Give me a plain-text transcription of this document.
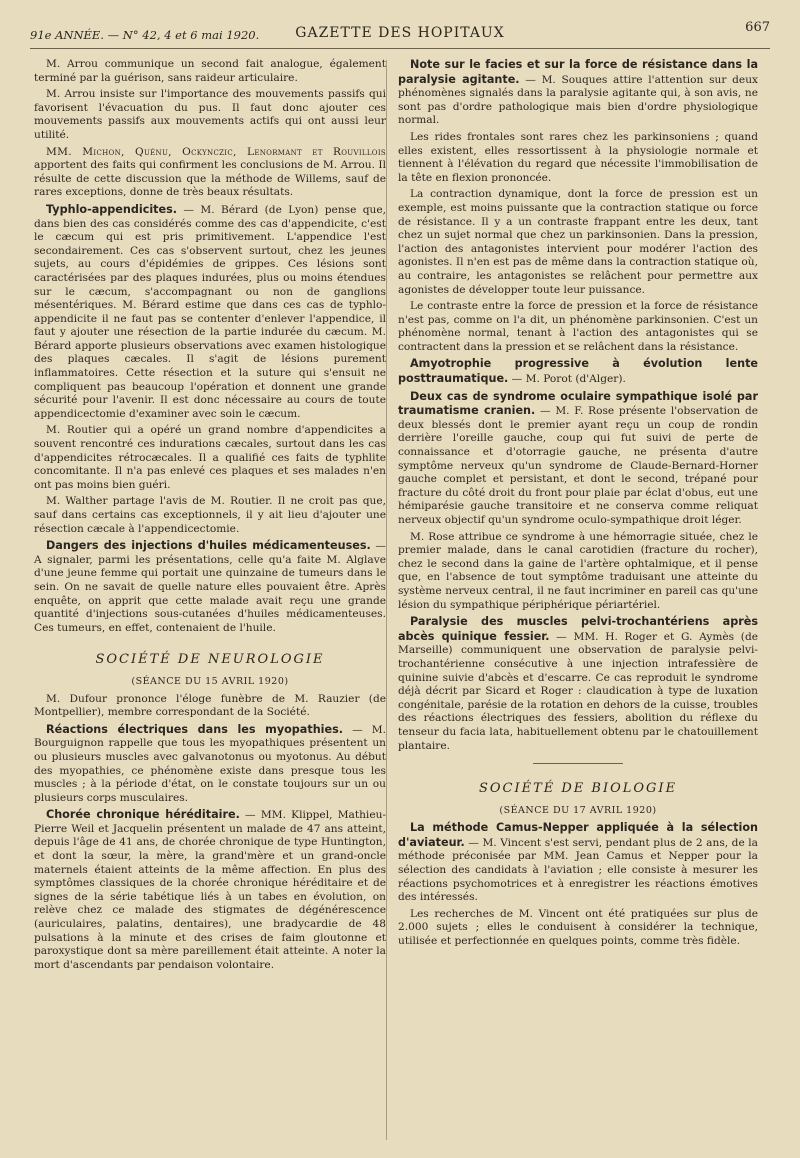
91e ANNÉE. — N° 42, 4 et 6 mai 1920.	GAZETTE DES HOPITAUX	667

M. Arrou communique un second fait analogue, également terminé par la guérison, sans raideur articulaire.

M. Arrou insiste sur l'importance des mouvements passifs qui favorisent l'évacuation du pus. Il faut donc ajouter ces mouvements passifs aux mouvements actifs qui ont aussi leur utilité.

MM. Michon, Quénu, Ockynczic, Lenormant et Rouvillois apportent des faits qui confirment les conclusions de M. Arrou. Il résulte de cette discussion que la méthode de Willems, sauf de rares exceptions, donne de très beaux résultats.

Typhlo-appendicites. — M. Bérard (de Lyon) pense que, dans bien des cas considérés comme des cas d'appendicite, c'est le cæcum qui est pris primitivement. L'appendice l'est secondairement. Ces cas s'observent surtout, chez les jeunes sujets, au cours d'épidémies de grippes. Ces lésions sont caractérisées par des plaques indurées, plus ou moins étendues sur le cæcum, s'accompagnant ou non de ganglions mésentériques. M. Bérard estime que dans ces cas de typhlo-appendicite il ne faut pas se contenter d'enlever l'appendice, il faut y ajouter une résection de la partie indurée du cæcum. M. Bérard apporte plusieurs observations avec examen histologique des plaques cæcales. Il s'agit de lésions purement inflammatoires. Cette résection et la suture qui s'ensuit ne compliquent pas beaucoup l'opération et donnent une grande sécurité pour l'avenir. Il est donc nécessaire au cours de toute appendicectomie d'examiner avec soin le cæcum.

M. Routier qui a opéré un grand nombre d'appendicites a souvent rencontré ces indurations cæcales, surtout dans les cas d'appendicites rétrocæcales. Il a qualifié ces faits de typhlite concomitante. Il n'a pas enlevé ces plaques et ses malades n'en ont pas moins bien guéri.

M. Walther partage l'avis de M. Routier. Il ne croit pas que, sauf dans certains cas exceptionnels, il y ait lieu d'ajouter une résection cæcale à l'appendicectomie.

Dangers des injections d'huiles médicamenteuses. — A signaler, parmi les présentations, celle qu'a faite M. Alglave d'une jeune femme qui portait une quinzaine de tumeurs dans le sein. On ne savait de quelle nature elles pouvaient être. Après enquête, on apprit que cette malade avait reçu une grande quantité d'injections sous-cutanées d'huiles médicamenteuses. Ces tumeurs, en effet, contenaient de l'huile.

SOCIÉTÉ DE NEUROLOGIE
(SÉANCE DU 15 AVRIL 1920)

M. Dufour prononce l'éloge funèbre de M. Rauzier (de Montpellier), membre correspondant de la Société.

Réactions électriques dans les myopathies. — M. Bourguignon rappelle que tous les myopathiques présentent un ou plusieurs muscles avec galvanotonus ou myotonus. Au début des myopathies, ce phénomène existe dans presque tous les muscles ; à la période d'état, on le constate toujours sur un ou plusieurs corps musculaires.

Chorée chronique héréditaire. — MM. Klippel, Mathieu-Pierre Weil et Jacquelin présentent un malade de 47 ans atteint, depuis l'âge de 41 ans, de chorée chronique de type Huntington, et dont la sœur, la mère, la grand'mère et un grand-oncle maternels étaient atteints de la même affection. En plus des symptômes classiques de la chorée chronique héréditaire et de signes de la série tabétique liés à un tabes en évolution, on relève chez ce malade des stigmates de dégénérescence (auriculaires, palatins, dentaires), une bradycardie de 48 pulsations à la minute et des crises de faim gloutonne et paroxystique dont sa mère pareillement était atteinte. A noter la mort d'ascendants par pendaison volontaire.

Note sur le facies et sur la force de résistance dans la paralysie agitante. — M. Souques attire l'attention sur deux phénomènes signalés dans la paralysie agitante qui, à son avis, ne sont pas d'ordre pathologique mais bien d'ordre physiologique normal.

Les rides frontales sont rares chez les parkinsoniens ; quand elles existent, elles ressortissent à la physiologie normale et tiennent à l'élévation du regard que nécessite l'immobilisation de la tête en flexion prononcée.

La contraction dynamique, dont la force de pression est un exemple, est moins puissante que la contraction statique ou force de résistance. Il y a un contraste frappant entre les deux, tant chez un sujet normal que chez un parkinsonien. Dans la pression, l'action des antagonistes intervient pour modérer l'action des agonistes. Il n'en est pas de même dans la contraction statique où, au contraire, les antagonistes se relâchent pour permettre aux agonistes de développer toute leur puissance.

Le contraste entre la force de pression et la force de résistance n'est pas, comme on l'a dit, un phénomène parkinsonien. C'est un phénomène normal, tenant à l'action des antagonistes qui se contractent dans la pression et se relâchent dans la résistance.

Amyotrophie progressive à évolution lente posttraumatique. — M. Porot (d'Alger).

Deux cas de syndrome oculaire sympathique isolé par traumatisme cranien. — M. F. Rose présente l'observation de deux blessés dont le premier ayant reçu un coup de rondin derrière l'oreille gauche, coup qui fut suivi de perte de connaissance et d'otorragie gauche, ne présenta d'autre symptôme nerveux qu'un syndrome de Claude-Bernard-Horner gauche complet et persistant, et dont le second, trépané pour fracture du côté droit du front pour plaie par éclat d'obus, eut une hémiparésie gauche transitoire et ne conserva comme reliquat nerveux objectif qu'un syndrome oculo-sympathique droit léger.

M. Rose attribue ce syndrome à une hémorragie située, chez le premier malade, dans le canal carotidien (fracture du rocher), chez le second dans la gaine de l'artère ophtalmique, et il pense que, en l'absence de tout symptôme traduisant une atteinte du système nerveux central, il ne faut incriminer en pareil cas qu'une lésion du sympathique périphérique périartériel.

Paralysie des muscles pelvi-trochantériens après abcès quinique fessier. — MM. H. Roger et G. Aymès (de Marseille) communiquent une observation de paralysie pelvi-trochantérienne consécutive à une injection intrafessière de quinine suivie d'abcès et d'escarre. Ce cas reproduit le syndrome déjà décrit par Sicard et Roger : claudication à type de luxation congénitale, parésie de la rotation en dehors de la cuisse, troubles des réactions électriques des fessiers, abolition du réflexe du tenseur du facia lata, habituellement obtenu par le chatouillement plantaire.

SOCIÉTÉ DE BIOLOGIE
(SÉANCE DU 17 AVRIL 1920)

La méthode Camus-Nepper appliquée à la sélection d'aviateur. — M. Vincent s'est servi, pendant plus de 2 ans, de la méthode préconisée par MM. Jean Camus et Nepper pour la sélection des candidats à l'aviation ; elle consiste à mesurer les réactions psychomotrices et à enregistrer les réactions émotives des intéressés.

Les recherches de M. Vincent ont été pratiquées sur plus de 2.000 sujets ; elles le conduisent à considérer la technique, utilisée et perfectionnée en quelques points, comme très fidèle.
